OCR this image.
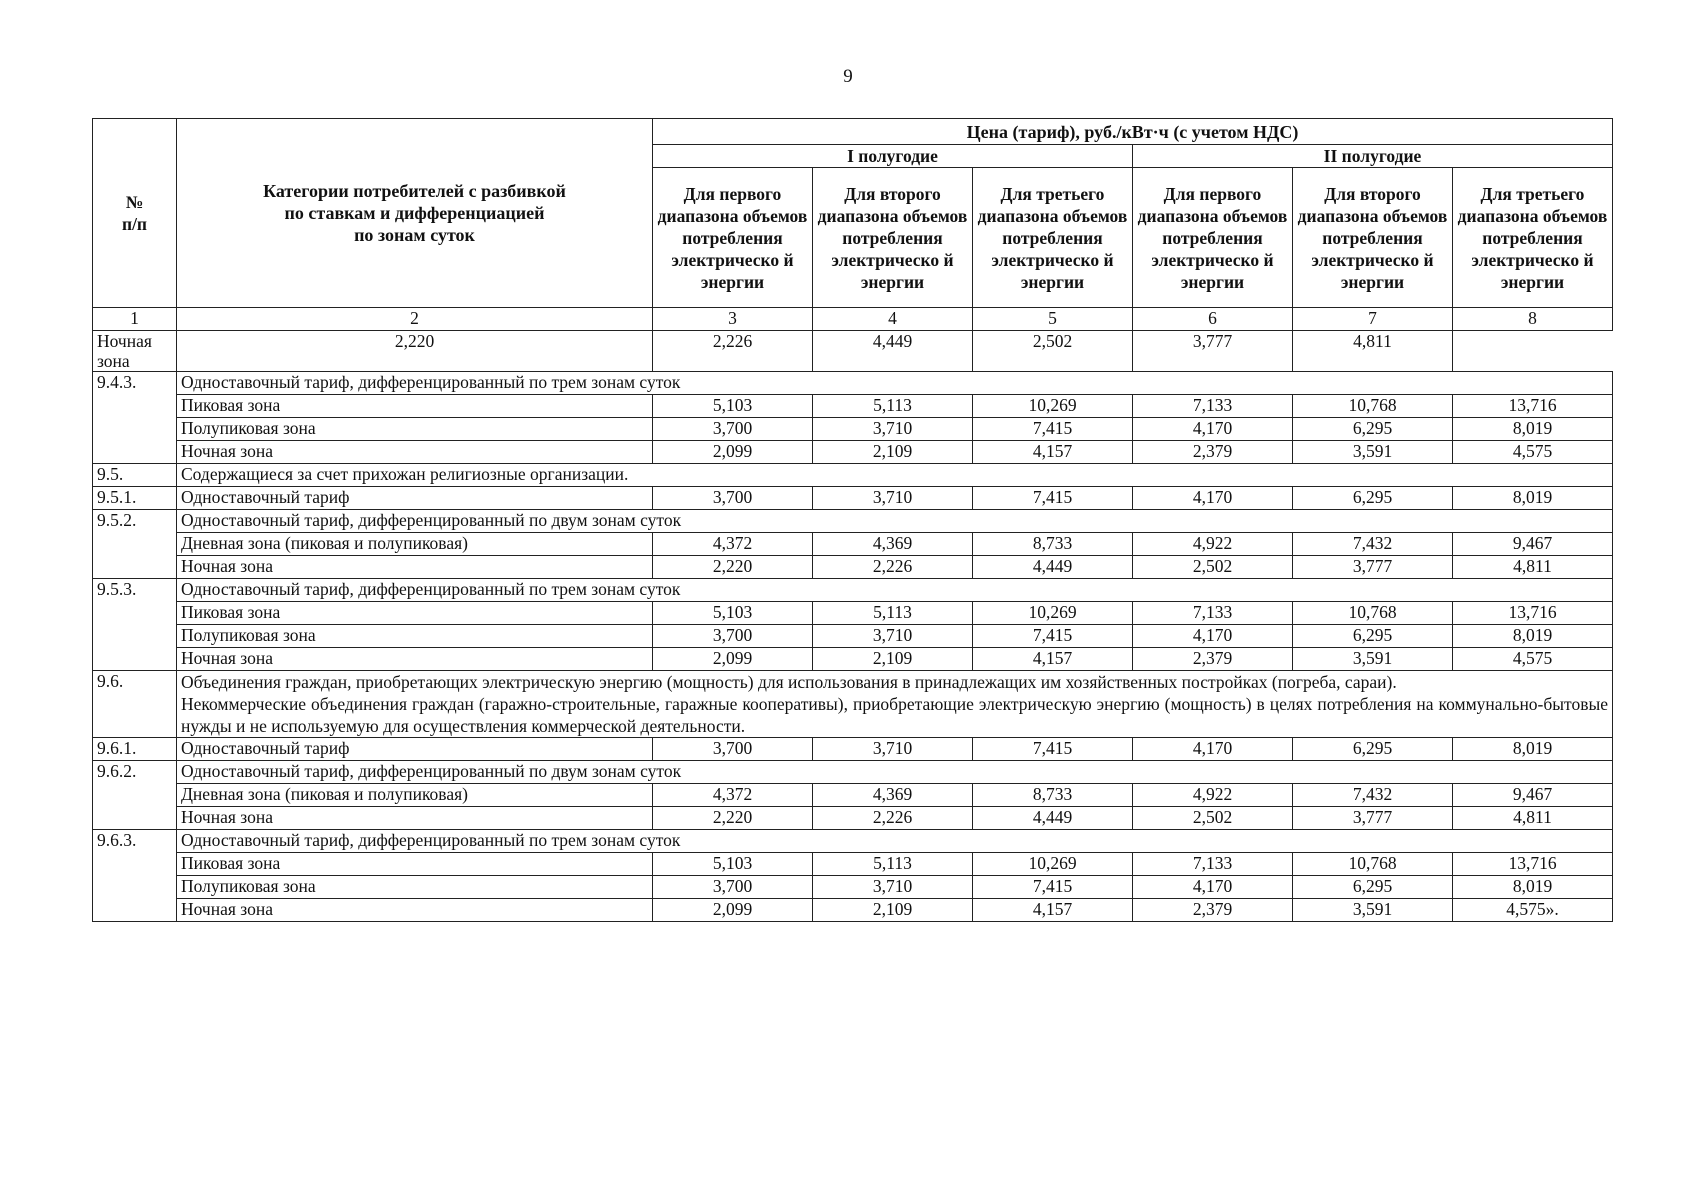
9
№
п/п	Категории потребителей с разбивкой
по ставкам и дифференциацией
по зонам суток	Цена (тариф), руб./кВт·ч (с учетом НДС)					
		I полугодие			II полугодие		
		Для первого диапазона объемов потребления электрическо й энергии	Для второго диапазона объемов потребления электрическо й энергии	Для третьего диапазона объемов потребления электрическо й энергии	Для первого диапазона объемов потребления электрическо й энергии	Для второго диапазона объемов потребления электрическо й энергии	Для третьего диапазона объемов потребления электрическо й энергии
1	2	3	4	5	6	7	8
Ночная зона	2,220	2,226	4,449	2,502	3,777	4,811	
9.4.3.	Одноставочный тариф, дифференцированный по трем зонам суток						
	Пиковая зона	5,103	5,113	10,269	7,133	10,768	13,716
	Полупиковая зона	3,700	3,710	7,415	4,170	6,295	8,019
	Ночная зона	2,099	2,109	4,157	2,379	3,591	4,575
9.5.	Содержащиеся за счет прихожан религиозные организации.						
9.5.1.	Одноставочный тариф	3,700	3,710	7,415	4,170	6,295	8,019
9.5.2.	Одноставочный тариф, дифференцированный по двум зонам суток						
	Дневная зона (пиковая и полупиковая)	4,372	4,369	8,733	4,922	7,432	9,467
	Ночная зона	2,220	2,226	4,449	2,502	3,777	4,811
9.5.3.	Одноставочный тариф, дифференцированный по трем зонам суток						
	Пиковая зона	5,103	5,113	10,269	7,133	10,768	13,716
	Полупиковая зона	3,700	3,710	7,415	4,170	6,295	8,019
	Ночная зона	2,099	2,109	4,157	2,379	3,591	4,575
9.6.	Объединения граждан, приобретающих электрическую энергию (мощность) для использования в принадлежащих им хозяйственных постройках (погреба, сараи).

Некоммерческие объединения граждан (гаражно-строительные, гаражные кооперативы), приобретающие электрическую энергию (мощность) в целях потребления на коммунально-бытовые нужды и не используемую для осуществления коммерческой деятельности.						

9.6.1.	Одноставочный тариф	3,700	3,710	7,415	4,170	6,295	8,019
9.6.2.	Одноставочный тариф, дифференцированный по двум зонам суток						
	Дневная зона (пиковая и полупиковая)	4,372	4,369	8,733	4,922	7,432	9,467
	Ночная зона	2,220	2,226	4,449	2,502	3,777	4,811
9.6.3.	Одноставочный тариф, дифференцированный по трем зонам суток						
	Пиковая зона	5,103	5,113	10,269	7,133	10,768	13,716
	Полупиковая зона	3,700	3,710	7,415	4,170	6,295	8,019
	Ночная зона	2,099	2,109	4,157	2,379	3,591	4,575».
